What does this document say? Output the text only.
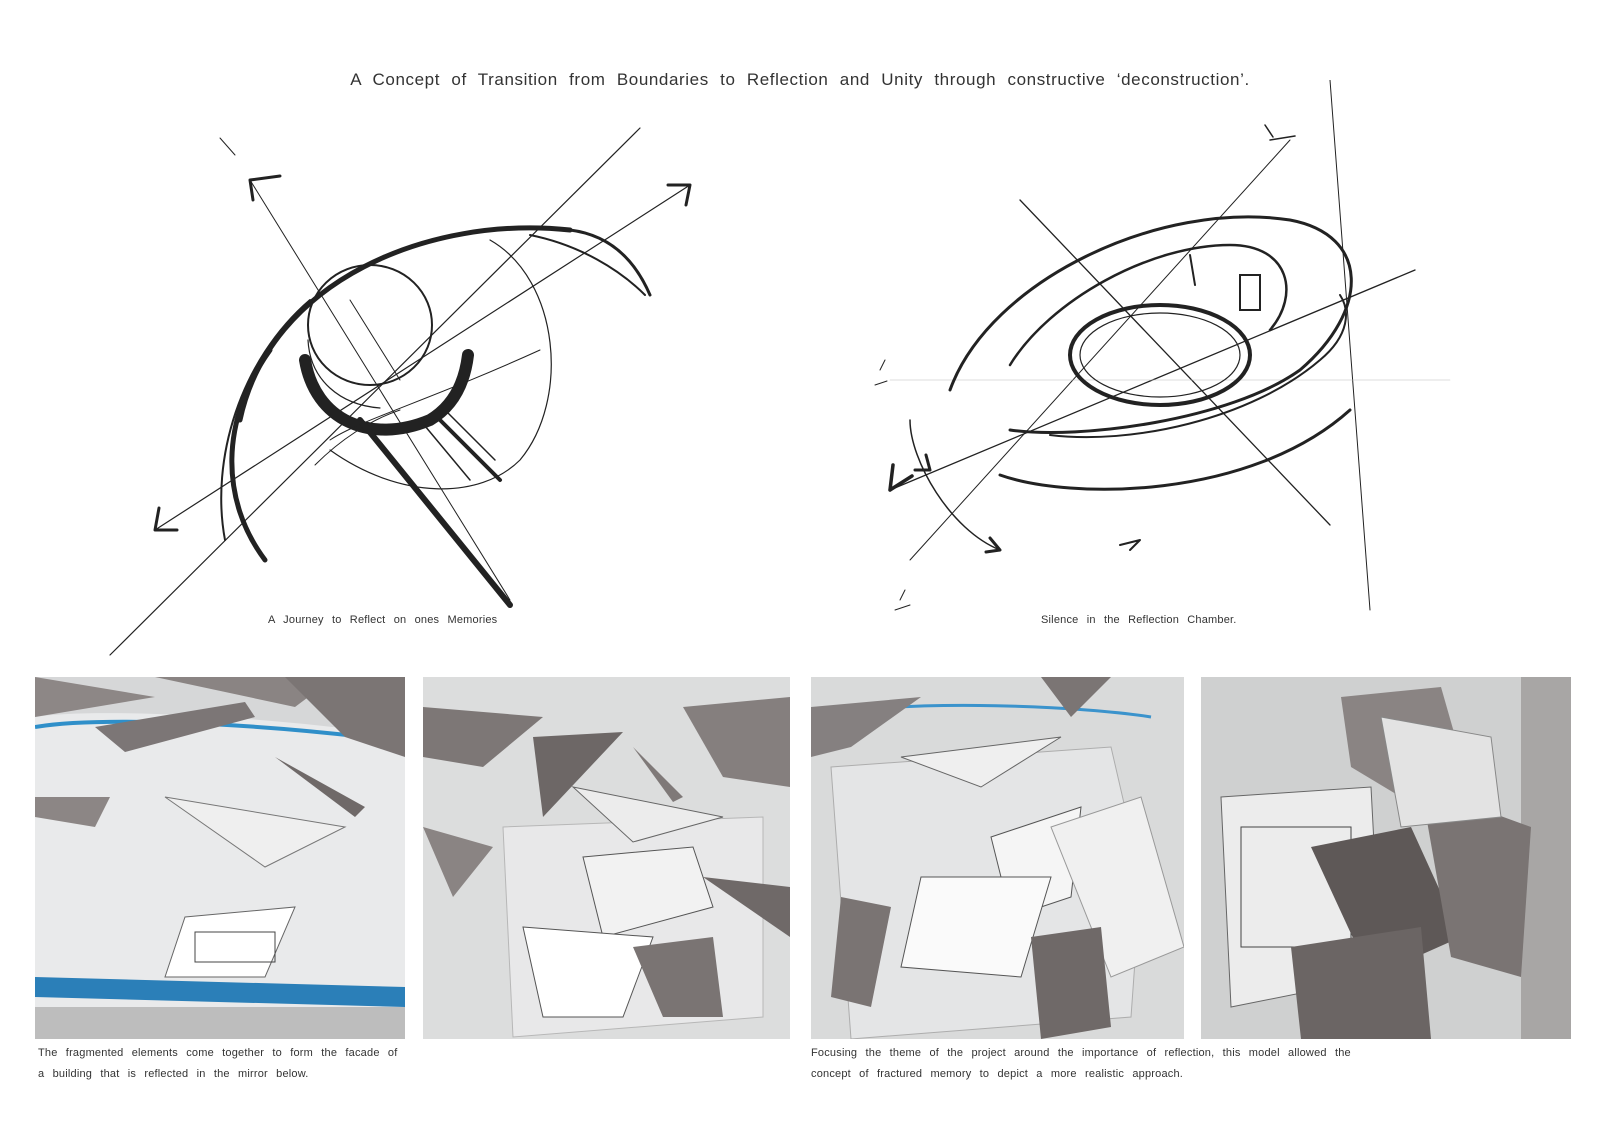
A Concept of Transition from Boundaries to Reflection and Unity through constructive ‘deconstruction’.
A Journey to Reflect on ones Memories	Silence in the Reflection Chamber.
The fragmented elements come together to form the facade of a building that is reflected in the mirror below.
Focusing the theme of the project around the importance of reflection, this model allowed the concept of fractured memory to depict a more realistic approach.
